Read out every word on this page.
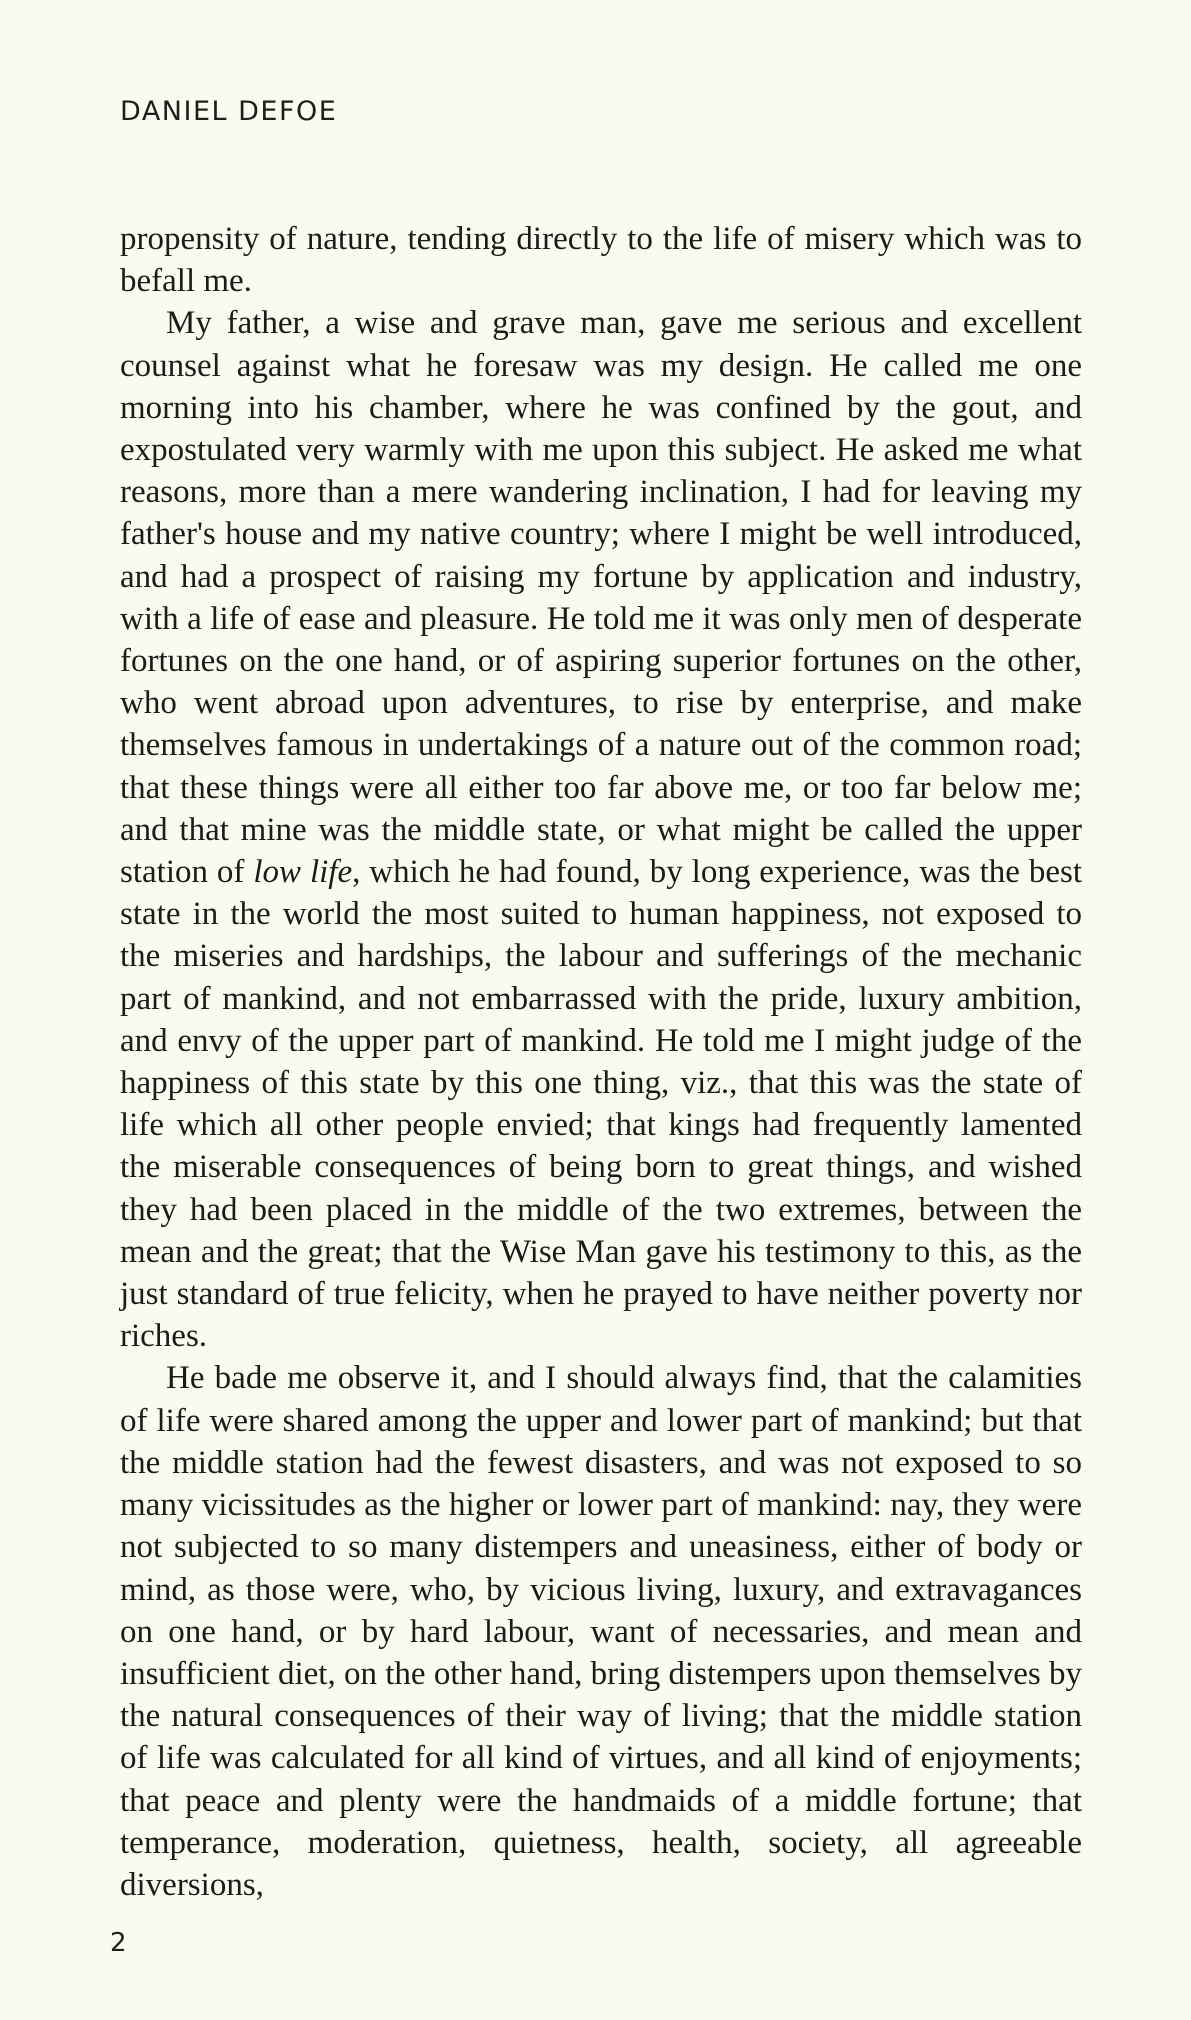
DANIEL DEFOE

propensity of nature, tending directly to the life of misery which was to befall me.

My father, a wise and grave man, gave me serious and excellent counsel against what he foresaw was my design. He called me one morning into his chamber, where he was confined by the gout, and expostulated very warmly with me upon this subject. He asked me what reasons, more than a mere wandering inclination, I had for leaving my father's house and my native country; where I might be well introduced, and had a prospect of raising my fortune by application and industry, with a life of ease and pleasure. He told me it was only men of desperate fortunes on the one hand, or of aspiring superior fortunes on the other, who went abroad upon adventures, to rise by enterprise, and make themselves famous in undertakings of a nature out of the common road; that these things were all either too far above me, or too far below me; and that mine was the middle state, or what might be called the upper station of low life, which he had found, by long experience, was the best state in the world the most suited to human happiness, not exposed to the miseries and hardships, the labour and sufferings of the mechanic part of mankind, and not embarrassed with the pride, luxury ambition, and envy of the upper part of mankind. He told me I might judge of the happiness of this state by this one thing, viz., that this was the state of life which all other people envied; that kings had frequently lamented the miserable consequences of being born to great things, and wished they had been placed in the middle of the two extremes, between the mean and the great; that the Wise Man gave his testimony to this, as the just standard of true felicity, when he prayed to have neither poverty nor riches.

He bade me observe it, and I should always find, that the calamities of life were shared among the upper and lower part of mankind; but that the middle station had the fewest disasters, and was not exposed to so many vicissitudes as the higher or lower part of mankind: nay, they were not subjected to so many distempers and uneasiness, either of body or mind, as those were, who, by vicious living, luxury, and extravagances on one hand, or by hard labour, want of necessaries, and mean and insufficient diet, on the other hand, bring distempers upon themselves by the natural consequences of their way of living; that the middle station of life was calculated for all kind of virtues, and all kind of enjoyments; that peace and plenty were the handmaids of a middle fortune; that temperance, moderation, quietness, health, society, all agreeable diversions,

2
